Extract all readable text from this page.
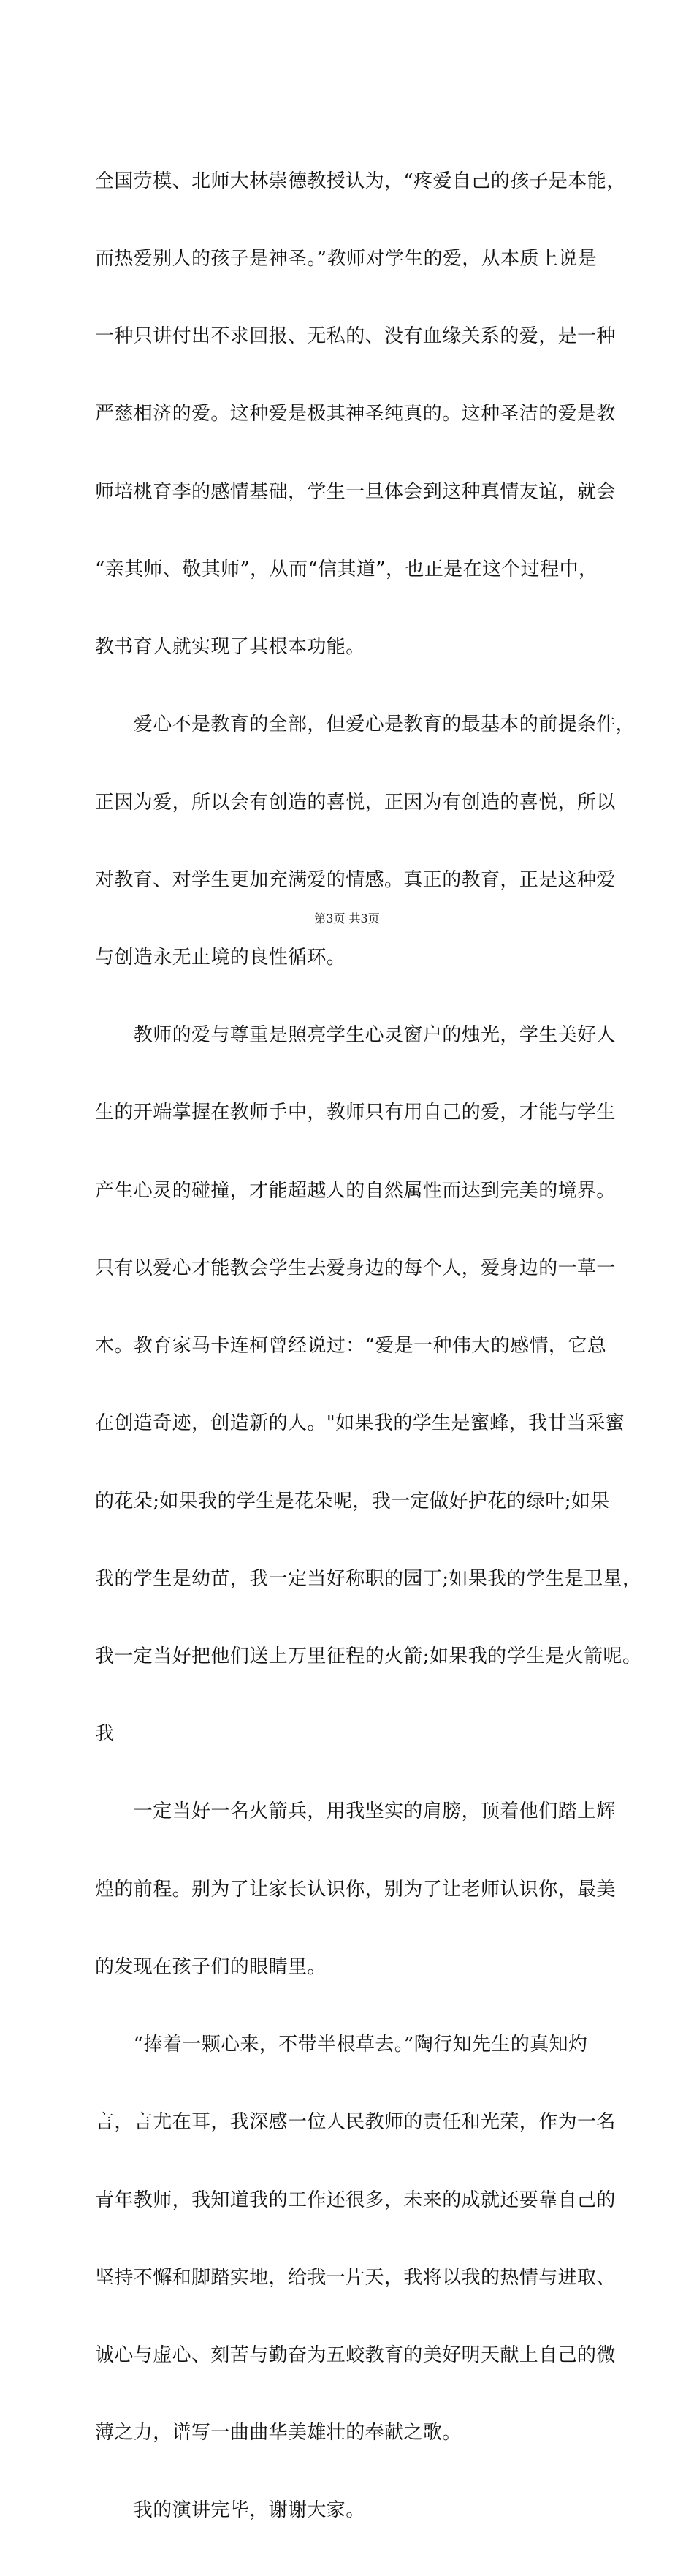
全国劳模、北师大林崇德教授认为，“疼爱自己的孩子是本能，

而热爱别人的孩子是神圣。”教师对学生的爱，从本质上说是

一种只讲付出不求回报、无私的、没有血缘关系的爱，是一种

严慈相济的爱。这种爱是极其神圣纯真的。这种圣洁的爱是教

师培桃育李的感情基础，学生一旦体会到这种真情友谊，就会

“亲其师、敬其师”，从而“信其道”，也正是在这个过程中，

教书育人就实现了其根本功能。

　　爱心不是教育的全部，但爱心是教育的最基本的前提条件，

正因为爱，所以会有创造的喜悦，正因为有创造的喜悦，所以

对教育、对学生更加充满爱的情感。真正的教育，正是这种爱

与创造永无止境的良性循环。

　　教师的爱与尊重是照亮学生心灵窗户的烛光，学生美好人

生的开端掌握在教师手中，教师只有用自己的爱，才能与学生

产生心灵的碰撞，才能超越人的自然属性而达到完美的境界。

只有以爱心才能教会学生去爱身边的每个人，爱身边的一草一

木。教育家马卡连柯曾经说过：“爱是一种伟大的感情，它总

在创造奇迹，创造新的人。"如果我的学生是蜜蜂，我甘当采蜜

的花朵;如果我的学生是花朵呢，我一定做好护花的绿叶;如果

我的学生是幼苗，我一定当好称职的园丁;如果我的学生是卫星，

我一定当好把他们送上万里征程的火箭;如果我的学生是火箭呢。

我

　　一定当好一名火箭兵，用我坚实的肩膀，顶着他们踏上辉

煌的前程。别为了让家长认识你，别为了让老师认识你，最美

的发现在孩子们的眼睛里。

　　“捧着一颗心来，不带半根草去。”陶行知先生的真知灼

言，言尤在耳，我深感一位人民教师的责任和光荣，作为一名

青年教师，我知道我的工作还很多，未来的成就还要靠自己的

坚持不懈和脚踏实地，给我一片天，我将以我的热情与进取、

诚心与虚心、刻苦与勤奋为五蛟教育的美好明天献上自己的微

薄之力，谱写一曲曲华美雄壮的奉献之歌。

　　我的演讲完毕，谢谢大家。

第3页 共3页
